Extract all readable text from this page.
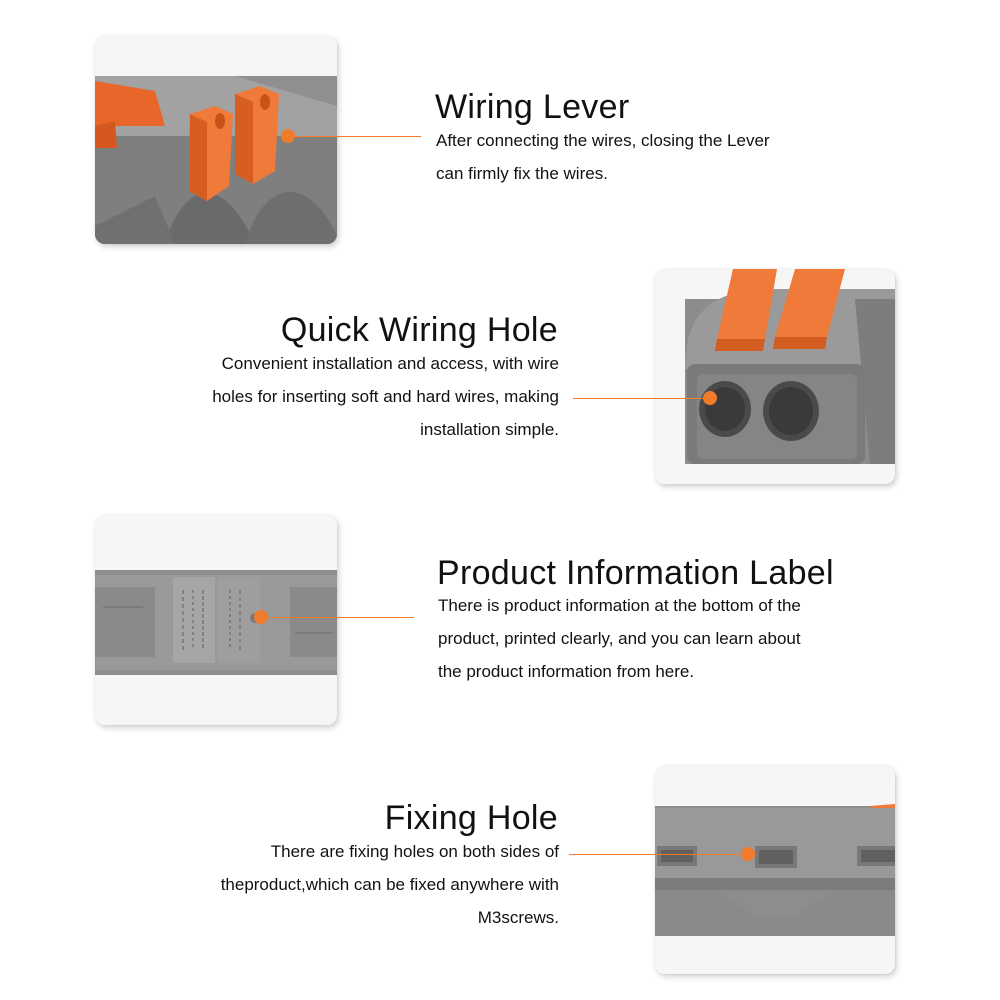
Wiring Lever
After connecting the wires, closing the Lever
can firmly fix the wires.
Quick Wiring Hole
Convenient installation and access, with wire
holes for inserting soft and hard wires, making
installation simple.
Product Information Label
There is product information at the bottom of the
product, printed clearly, and you can learn about
the product information from here.
Fixing Hole
There are fixing holes on both sides of
theproduct,which can be fixed anywhere with
M3screws.
